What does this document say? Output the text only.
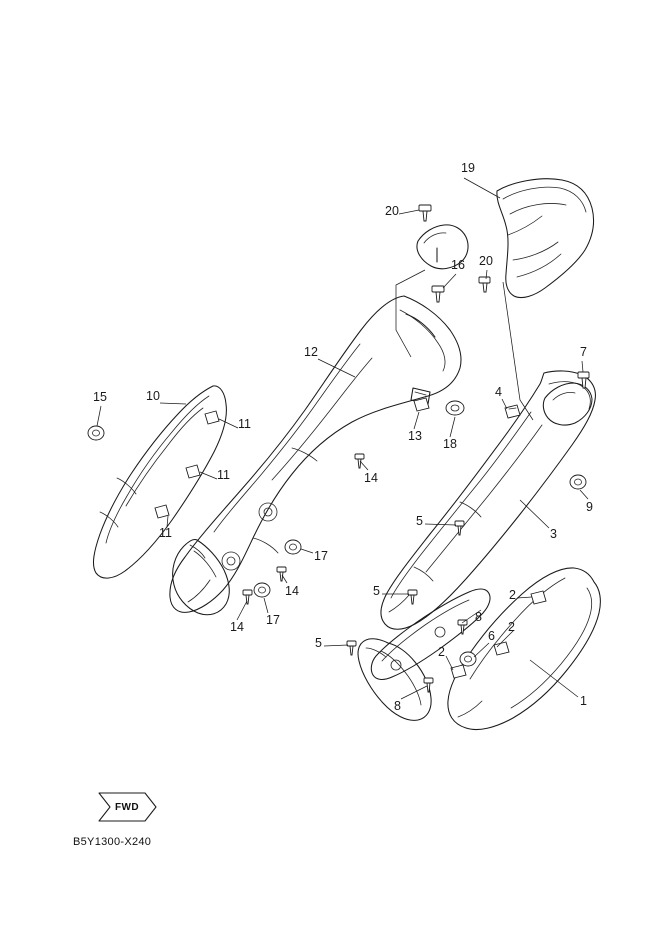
19
20
16 20
7
12
10
15
13
18
4
9
11
11
11
14
3
5
17
14
17
14
5	2
8
6
2
5
2
1
8
FWD
B5Y1300-X240
